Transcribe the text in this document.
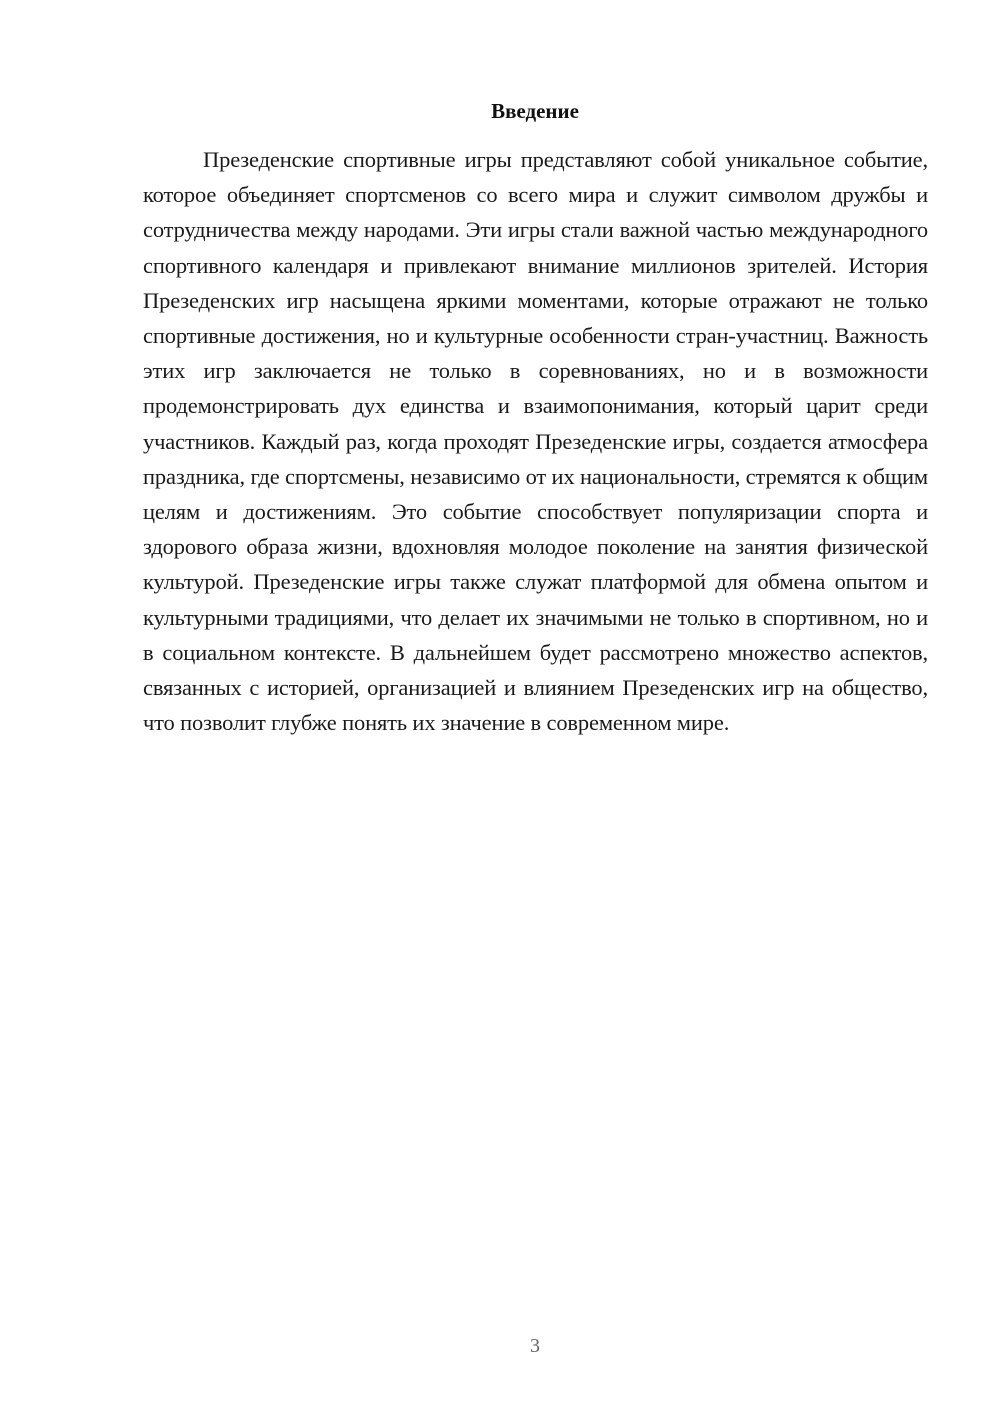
Введение

Презеденские спортивные игры представляют собой уникальное событие, которое объединяет спортсменов со всего мира и служит символом дружбы и сотрудничества между народами. Эти игры стали важной частью международного спортивного календаря и привлекают внимание миллионов зрителей. История Презеденских игр насыщена яркими моментами, которые отражают не только спортивные достижения, но и культурные особенности стран-участниц. Важность этих игр заключается не только в соревнованиях, но и в возможности продемонстрировать дух единства и взаимопонимания, который царит среди участников. Каждый раз, когда проходят Презеденские игры, создается атмосфера праздника, где спортсмены, независимо от их национальности, стремятся к общим целям и достижениям. Это событие способствует популяризации спорта и здорового образа жизни, вдохновляя молодое поколение на занятия физической культурой. Презеденские игры также служат платформой для обмена опытом и культурными традициями, что делает их значимыми не только в спортивном, но и в социальном контексте. В дальнейшем будет рассмотрено множество аспектов, связанных с историей, организацией и влиянием Презеденских игр на общество, что позволит глубже понять их значение в современном мире.

3
